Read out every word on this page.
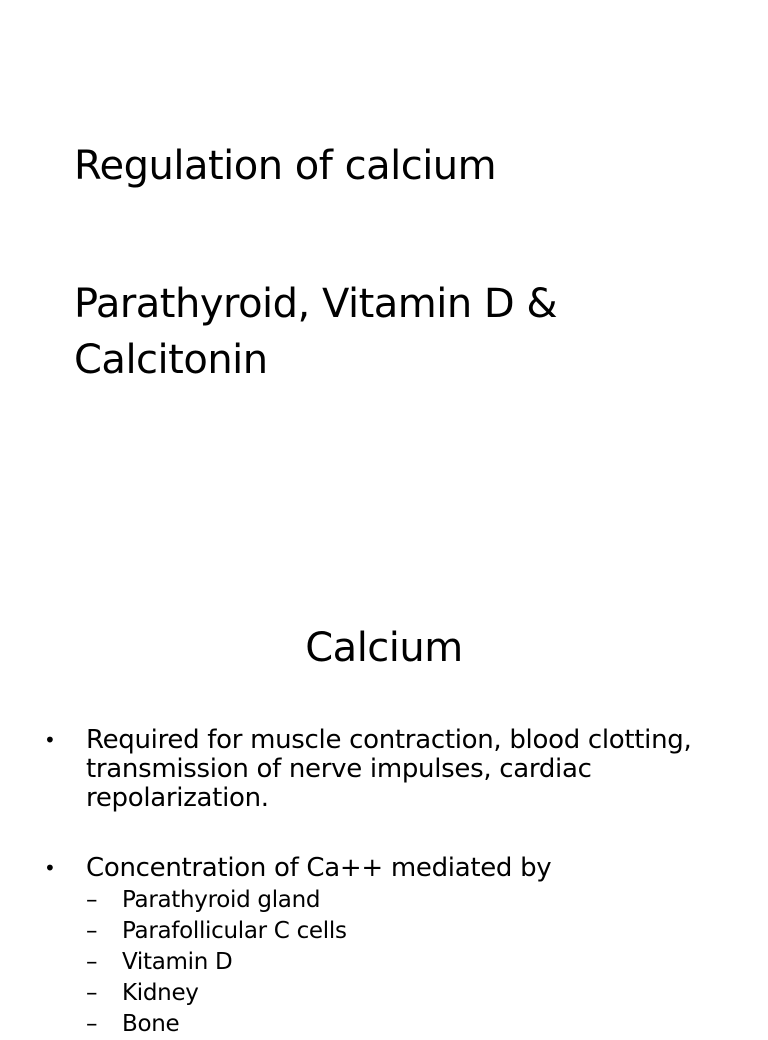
Regulation of calcium
Parathyroid, Vitamin D &
Calcitonin
Calcium
• Required for muscle contraction, blood clotting, transmission of nerve impulses, cardiac repolarization.
• Concentration of Ca++ mediated by
– Parathyroid gland
– Parafollicular C cells
– Vitamin D
– Kidney
– Bone
